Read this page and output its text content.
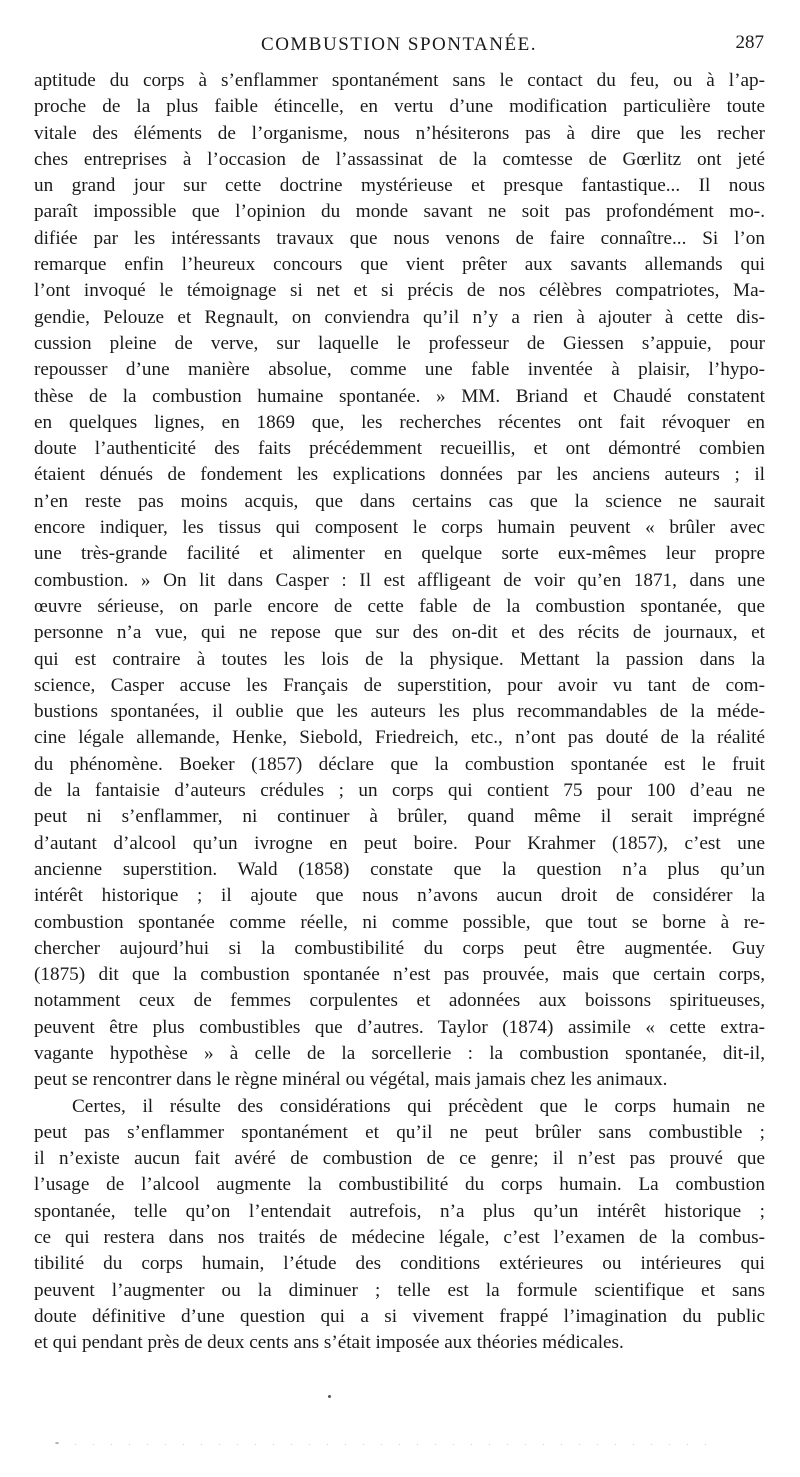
COMBUSTION SPONTANÉE.	287
aptitude du corps à s’enflammer spontanément sans le contact du feu, ou à l’ap-
proche de la plus faible étincelle, en vertu d’une modification particulière toute
vitale des éléments de l’organisme, nous n’hésiterons pas à dire que les recher
ches entreprises à l’occasion de l’assassinat de la comtesse de Gœrlitz ont jeté
un grand jour sur cette doctrine mystérieuse et presque fantastique... Il nous
paraît impossible que l’opinion du monde savant ne soit pas profondément mo-.
difiée par les intéressants travaux que nous venons de faire connaître... Si l’on
remarque enfin l’heureux concours que vient prêter aux savants allemands qui
l’ont invoqué le témoignage si net et si précis de nos célèbres compatriotes, Ma-
gendie, Pelouze et Regnault, on conviendra qu’il n’y a rien à ajouter à cette dis-
cussion pleine de verve, sur laquelle le professeur de Giessen s’appuie, pour
repousser d’une manière absolue, comme une fable inventée à plaisir, l’hypo-
thèse de la combustion humaine spontanée. » MM. Briand et Chaudé constatent
en quelques lignes, en 1869 que, les recherches récentes ont fait révoquer en
doute l’authenticité des faits précédemment recueillis, et ont démontré combien
étaient dénués de fondement les explications données par les anciens auteurs ; il
n’en reste pas moins acquis, que dans certains cas que la science ne saurait
encore indiquer, les tissus qui composent le corps humain peuvent « brûler avec
une très-grande facilité et alimenter en quelque sorte eux-mêmes leur propre
combustion. » On lit dans Casper : Il est affligeant de voir qu’en 1871, dans une
œuvre sérieuse, on parle encore de cette fable de la combustion spontanée, que
personne n’a vue, qui ne repose que sur des on-dit et des récits de journaux, et
qui est contraire à toutes les lois de la physique. Mettant la passion dans la
science, Casper accuse les Français de superstition, pour avoir vu tant de com-
bustions spontanées, il oublie que les auteurs les plus recommandables de la méde-
cine légale allemande, Henke, Siebold, Friedreich, etc., n’ont pas douté de la réalité
du phénomène. Boeker (1857) déclare que la combustion spontanée est le fruit
de la fantaisie d’auteurs crédules ; un corps qui contient 75 pour 100 d’eau ne
peut ni s’enflammer, ni continuer à brûler, quand même il serait imprégné
d’autant d’alcool qu’un ivrogne en peut boire. Pour Krahmer (1857), c’est une
ancienne superstition. Wald (1858) constate que la question n’a plus qu’un
intérêt historique ; il ajoute que nous n’avons aucun droit de considérer la
combustion spontanée comme réelle, ni comme possible, que tout se borne à re-
chercher aujourd’hui si la combustibilité du corps peut être augmentée. Guy
(1875) dit que la combustion spontanée n’est pas prouvée, mais que certain corps,
notamment ceux de femmes corpulentes et adonnées aux boissons spiritueuses,
peuvent être plus combustibles que d’autres. Taylor (1874) assimile « cette extra-
vagante hypothèse » à celle de la sorcellerie : la combustion spontanée, dit-il,
peut se rencontrer dans le règne minéral ou végétal, mais jamais chez les animaux.
Certes, il résulte des considérations qui précèdent que le corps humain ne
peut pas s’enflammer spontanément et qu’il ne peut brûler sans combustible ;
il n’existe aucun fait avéré de combustion de ce genre; il n’est pas prouvé que
l’usage de l’alcool augmente la combustibilité du corps humain. La combustion
spontanée, telle qu’on l’entendait autrefois, n’a plus qu’un intérêt historique ;
ce qui restera dans nos traités de médecine légale, c’est l’examen de la combus-
tibilité du corps humain, l’étude des conditions extérieures ou intérieures qui
peuvent l’augmenter ou la diminuer ; telle est la formule scientifique et sans
doute définitive d’une question qui a si vivement frappé l’imagination du public
et qui pendant près de deux cents ans s’était imposée aux théories médicales.
- . . . . . . . . . . . . . . . . . . . . . . . . . . . . . . . . . . . .
